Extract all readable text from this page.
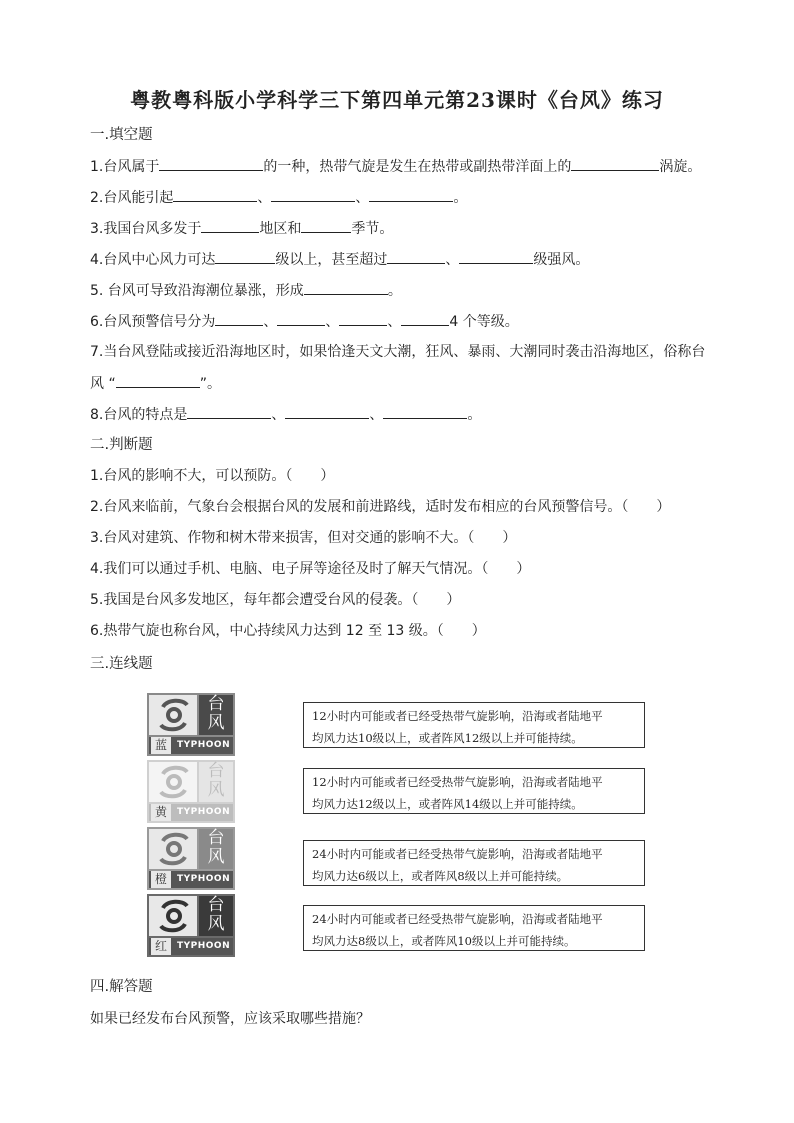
粤教粤科版小学科学三下第四单元第23课时《台风》练习
一.填空题
1.台风属于	的一种，热带气旋是发生在热带或副热带洋面上的	涡旋。
2.台风能引起	、	、	。
3.我国台风多发于	地区和	季节。
4.台风中心风力可达	级以上，甚至超过	、	级强风。
5. 台风可导致沿海潮位暴涨，形成	。
6.台风预警信号分为	、	、	、	4 个等级。
7.当台风登陆或接近沿海地区时，如果恰逢天文大潮，狂风、暴雨、大潮同时袭击沿海地区，俗称台
风 “	”。
8.台风的特点是	、	、	。
二.判断题
1.台风的影响不大，可以预防。（ ）
2.台风来临前，气象台会根据台风的发展和前进路线，适时发布相应的台风预警信号。（ ）
3.台风对建筑、作物和树木带来损害，但对交通的影响不大。（ ）
4.我们可以通过手机、电脑、电子屏等途径及时了解天气情况。（ ）
5.我国是台风多发地区，每年都会遭受台风的侵袭。（ ）
6.热带气旋也称台风，中心持续风力达到 12 至 13 级。（ ）
三.连线题
台
风
蓝	TYPHOON
台
风
黄	TYPHOON
台
风
橙	TYPHOON
台
风
红	TYPHOON
12小时内可能或者已经受热带气旋影响，沿海或者陆地平
均风力达10级以上，或者阵风12级以上并可能持续。
12小时内可能或者已经受热带气旋影响，沿海或者陆地平
均风力达12级以上，或者阵风14级以上并可能持续。
24小时内可能或者已经受热带气旋影响，沿海或者陆地平
均风力达6级以上，或者阵风8级以上并可能持续。
24小时内可能或者已经受热带气旋影响，沿海或者陆地平
均风力达8级以上，或者阵风10级以上并可能持续。
四.解答题
如果已经发布台风预警，应该采取哪些措施？
